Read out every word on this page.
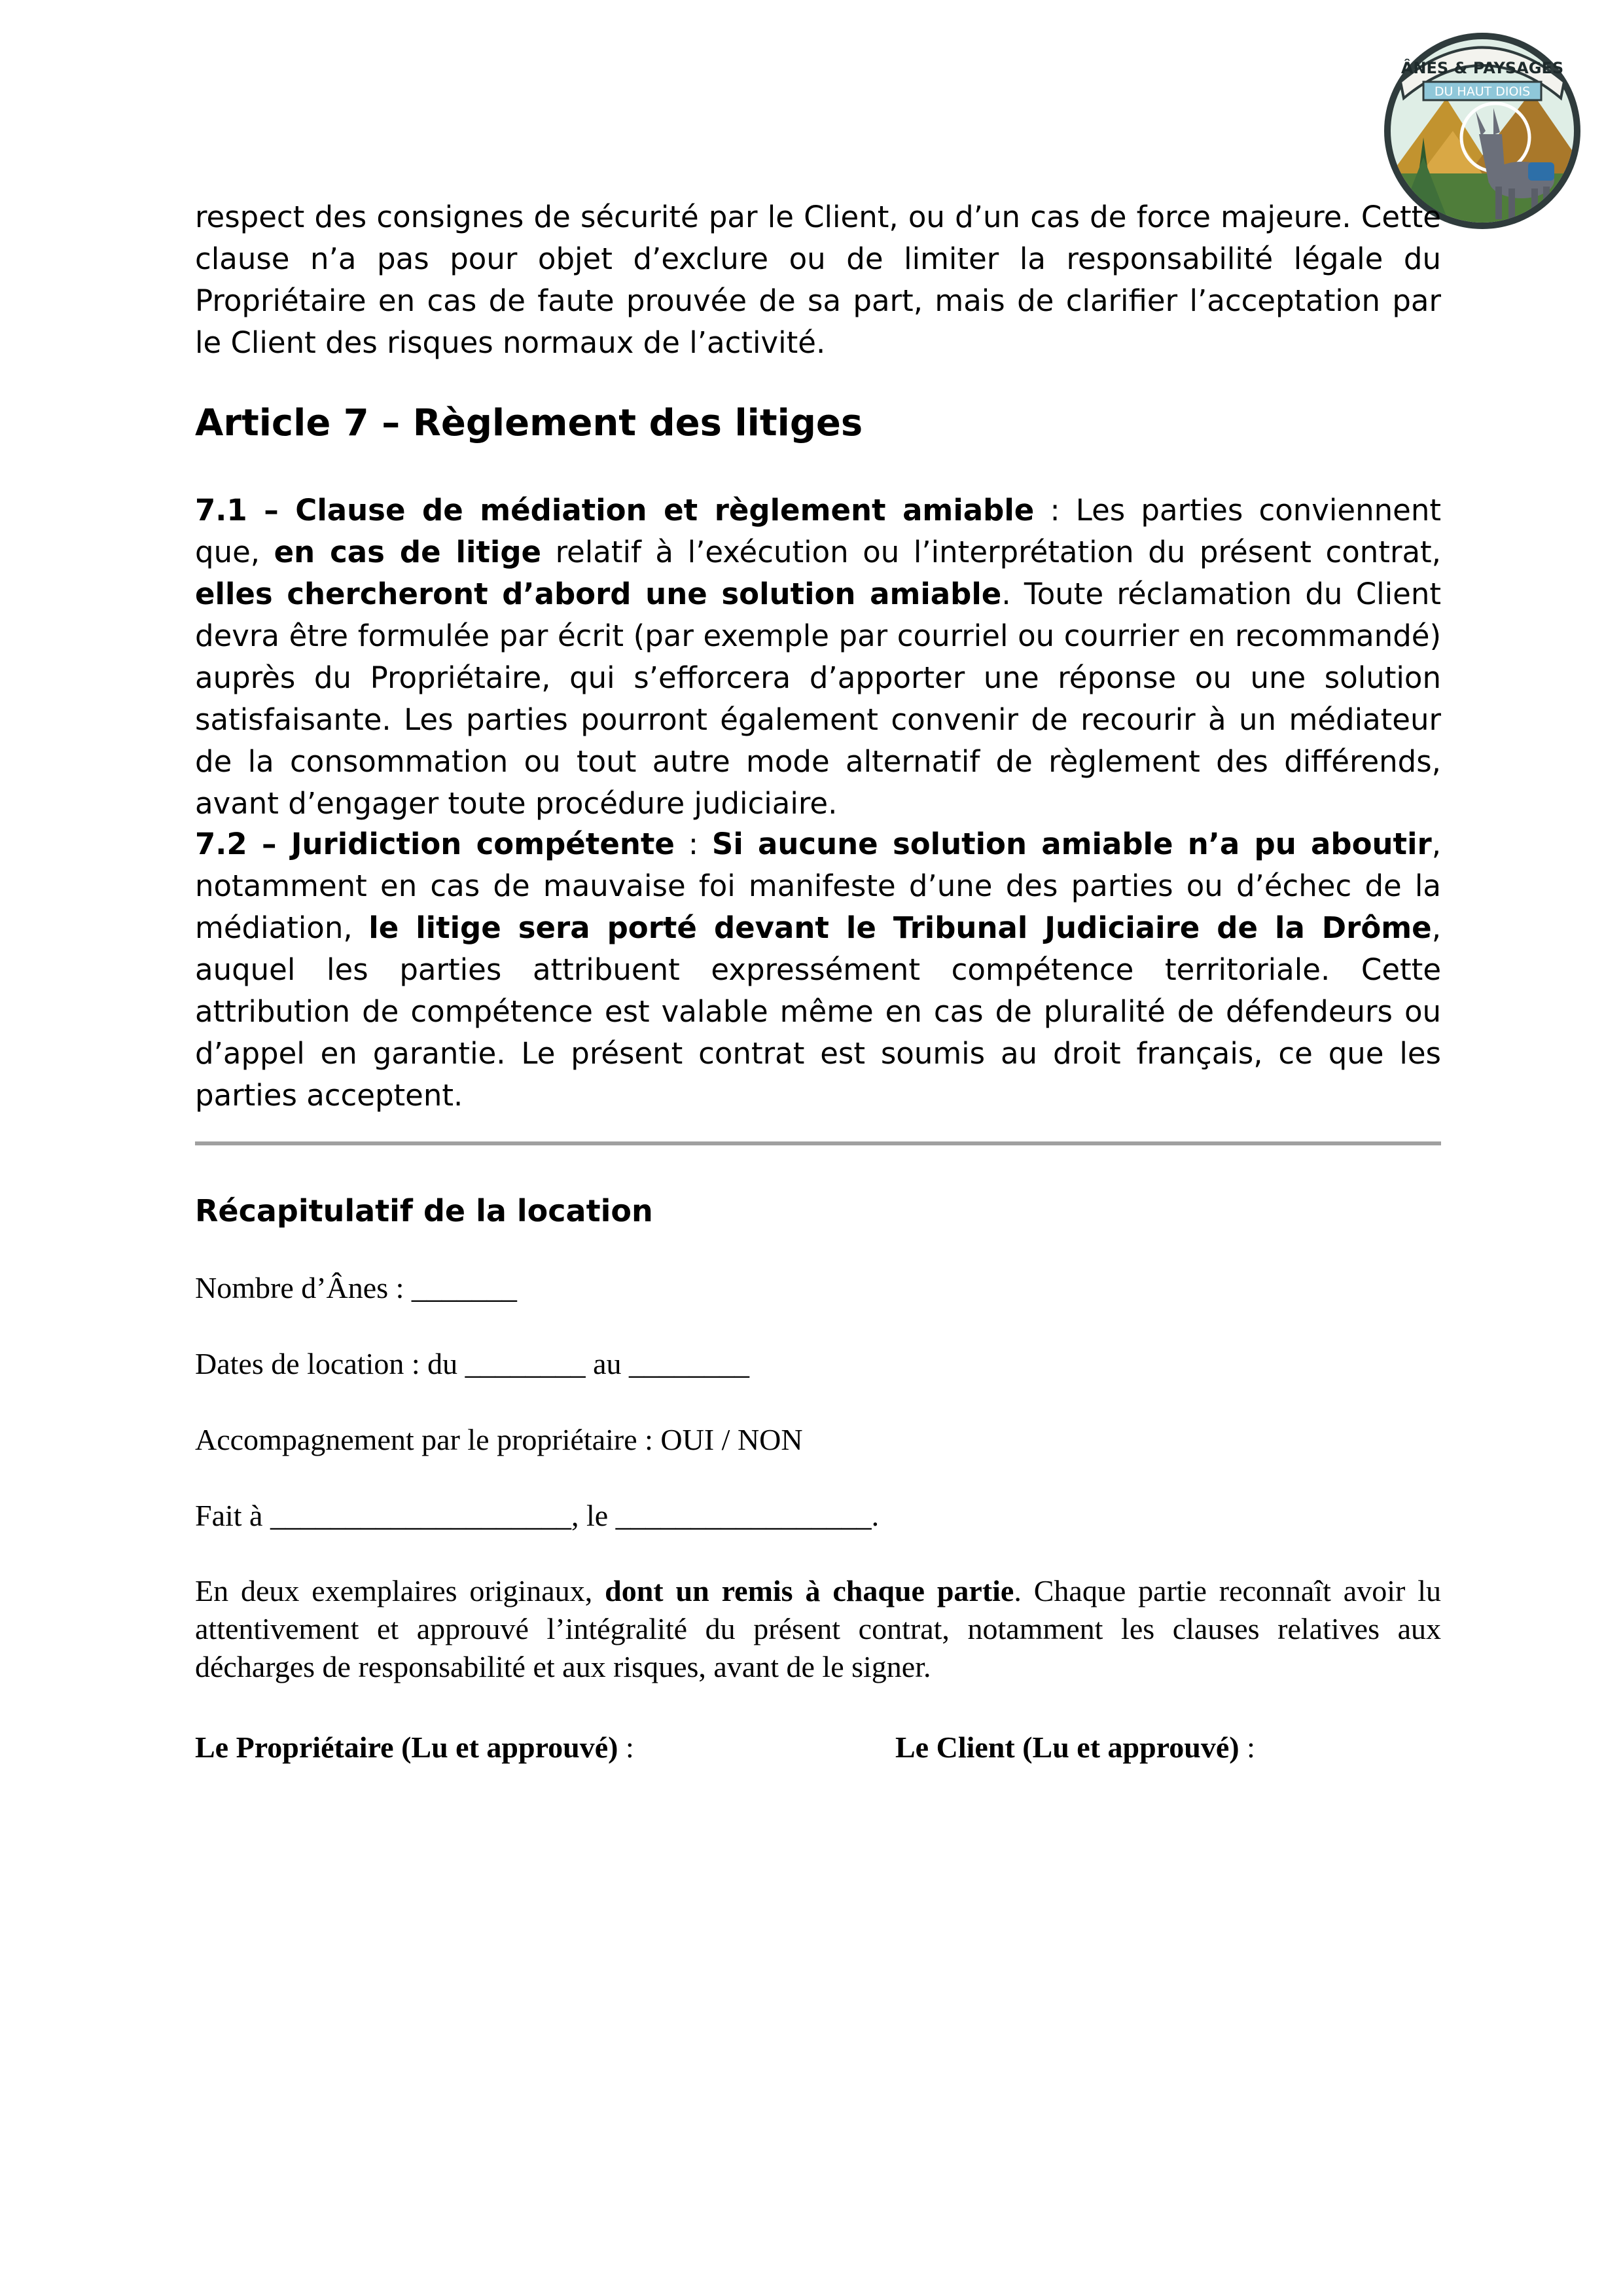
ÂNES & PAYSAGES
DU HAUT DIOIS

respect des consignes de sécurité par le Client, ou d’un cas de force majeure. Cette clause n’a pas pour objet d’exclure ou de limiter la responsabilité légale du Propriétaire en cas de faute prouvée de sa part, mais de clarifier l’acceptation par le Client des risques normaux de l’activité.

Article 7 – Règlement des litiges

7.1 – Clause de médiation et règlement amiable : Les parties conviennent que, en cas de litige relatif à l’exécution ou l’interprétation du présent contrat, elles chercheront d’abord une solution amiable. Toute réclamation du Client devra être formulée par écrit (par exemple par courriel ou courrier en recommandé) auprès du Propriétaire, qui s’efforcera d’apporter une réponse ou une solution satisfaisante. Les parties pourront également convenir de recourir à un médiateur de la consommation ou tout autre mode alternatif de règlement des différends, avant d’engager toute procédure judiciaire.

7.2 – Juridiction compétente : Si aucune solution amiable n’a pu aboutir, notamment en cas de mauvaise foi manifeste d’une des parties ou d’échec de la médiation, le litige sera porté devant le Tribunal Judiciaire de la Drôme, auquel les parties attribuent expressément compétence territoriale. Cette attribution de compétence est valable même en cas de pluralité de défendeurs ou d’appel en garantie. Le présent contrat est soumis au droit français, ce que les parties acceptent.

Récapitulatif de la location

Nombre d’Ânes : _______

Dates de location : du ________ au ________

Accompagnement par le propriétaire : OUI / NON

Fait à ____________________, le _________________.

En deux exemplaires originaux, dont un remis à chaque partie. Chaque partie reconnaît avoir lu attentivement et approuvé l’intégralité du présent contrat, notamment les clauses relatives aux décharges de responsabilité et aux risques, avant de le signer.

Le Propriétaire (Lu et approuvé) :	Le Client (Lu et approuvé) :
